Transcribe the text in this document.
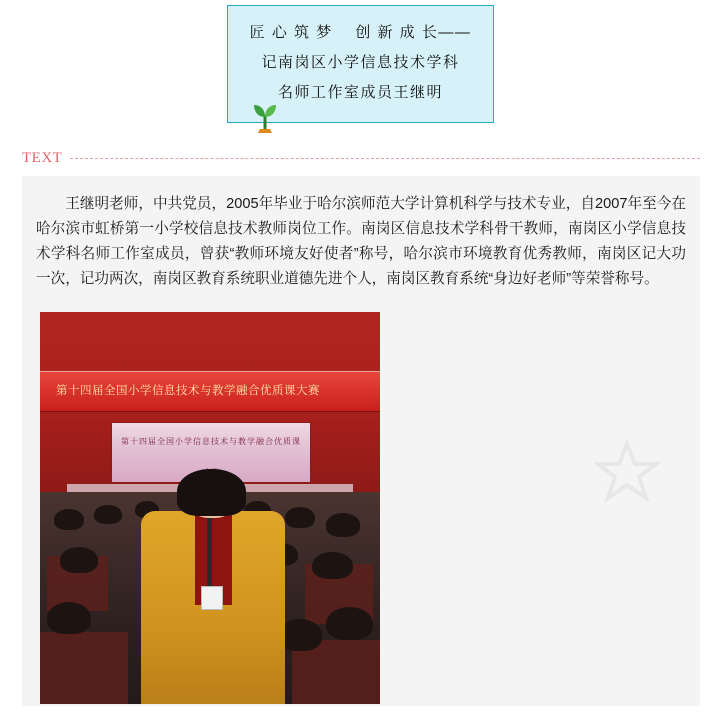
匠 心 筑 梦    创 新 成 长——
记南岗区小学信息技术学科
名师工作室成员王继明
TEXT

王继明老师，中共党员，2005年毕业于哈尔滨师范大学计算机科学与技术专业，自2007年至今在哈尔滨市虹桥第一小学校信息技术教师岗位工作。南岗区信息技术学科骨干教师，南岗区小学信息技术学科名师工作室成员，曾获“教师环境友好使者”称号，哈尔滨市环境教育优秀教师，南岗区记大功一次，记功两次，南岗区教育系统职业道德先进个人，南岗区教育系统“身边好老师”等荣誉称号。

第十四届全国小学信息技术与教学融合优质课大赛
第十四届全国小学信息技术与教学融合优质课
